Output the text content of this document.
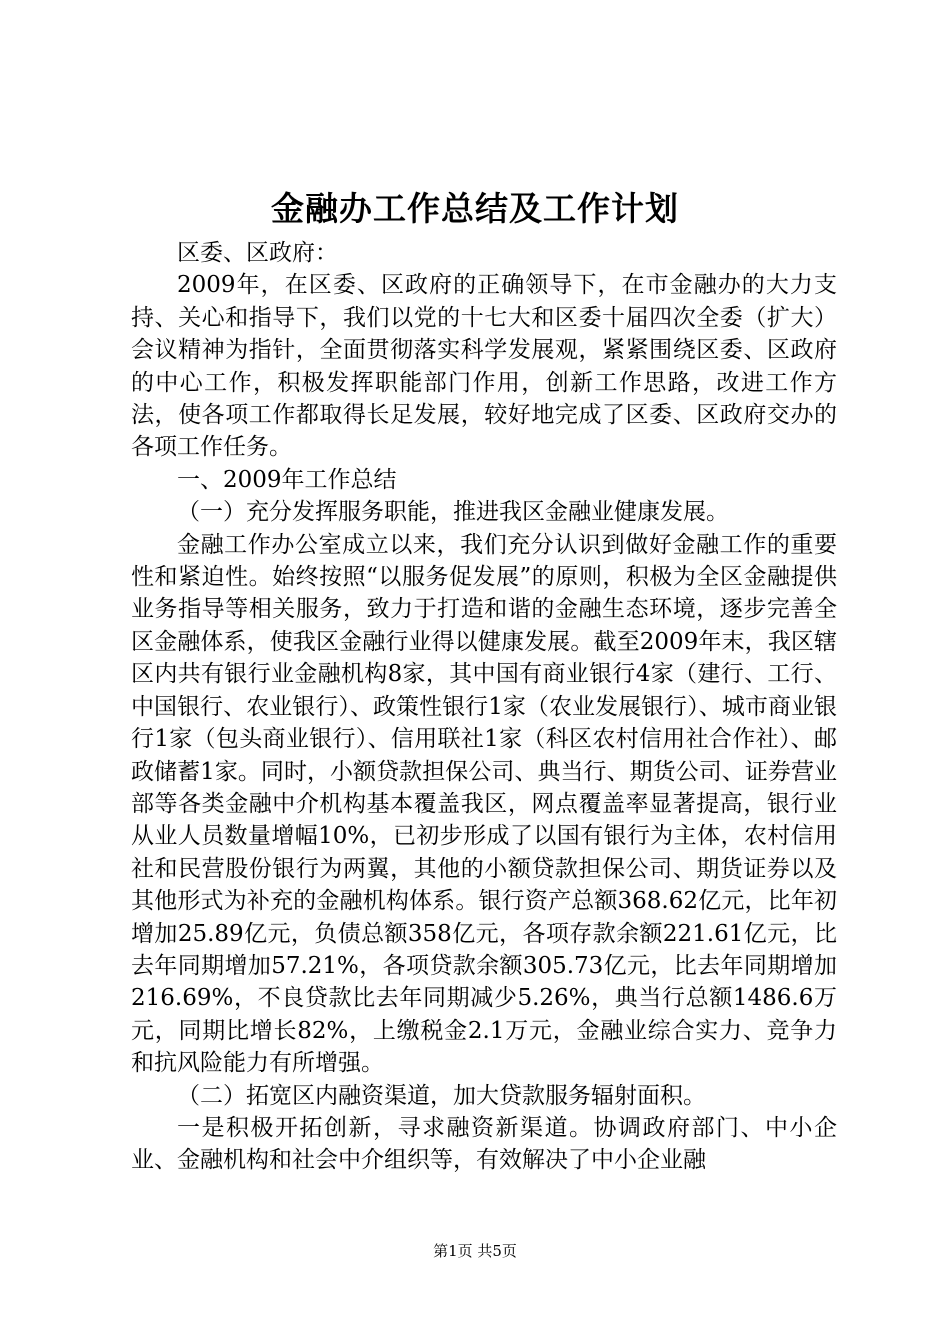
金融办工作总结及工作计划

区委、区政府：

2009年，在区委、区政府的正确领导下，在市金融办的大力支持、关心和指导下，我们以党的十七大和区委十届四次全委（扩大）会议精神为指针，全面贯彻落实科学发展观，紧紧围绕区委、区政府的中心工作，积极发挥职能部门作用，创新工作思路，改进工作方法，使各项工作都取得长足发展，较好地完成了区委、区政府交办的各项工作任务。

一、2009年工作总结

（一）充分发挥服务职能，推进我区金融业健康发展。

金融工作办公室成立以来，我们充分认识到做好金融工作的重要性和紧迫性。始终按照“以服务促发展”的原则，积极为全区金融提供业务指导等相关服务，致力于打造和谐的金融生态环境，逐步完善全区金融体系，使我区金融行业得以健康发展。截至2009年末，我区辖区内共有银行业金融机构8家，其中国有商业银行4家（建行、工行、中国银行、农业银行）、政策性银行1家（农业发展银行）、城市商业银行1家（包头商业银行）、信用联社1家（科区农村信用社合作社）、邮政储蓄1家。同时，小额贷款担保公司、典当行、期货公司、证券营业部等各类金融中介机构基本覆盖我区，网点覆盖率显著提高，银行业从业人员数量增幅10%，已初步形成了以国有银行为主体，农村信用社和民营股份银行为两翼，其他的小额贷款担保公司、期货证券以及其他形式为补充的金融机构体系。银行资产总额368.62亿元，比年初增加25.89亿元，负债总额358亿元，各项存款余额221.61亿元，比去年同期增加57.21%，各项贷款余额305.73亿元，比去年同期增加216.69%，不良贷款比去年同期减少5.26%，典当行总额1486.6万元，同期比增长82%，上缴税金2.1万元，金融业综合实力、竞争力和抗风险能力有所增强。

（二）拓宽区内融资渠道，加大贷款服务辐射面积。

一是积极开拓创新，寻求融资新渠道。协调政府部门、中小企业、金融机构和社会中介组织等，有效解决了中小企业融

第1页 共5页
